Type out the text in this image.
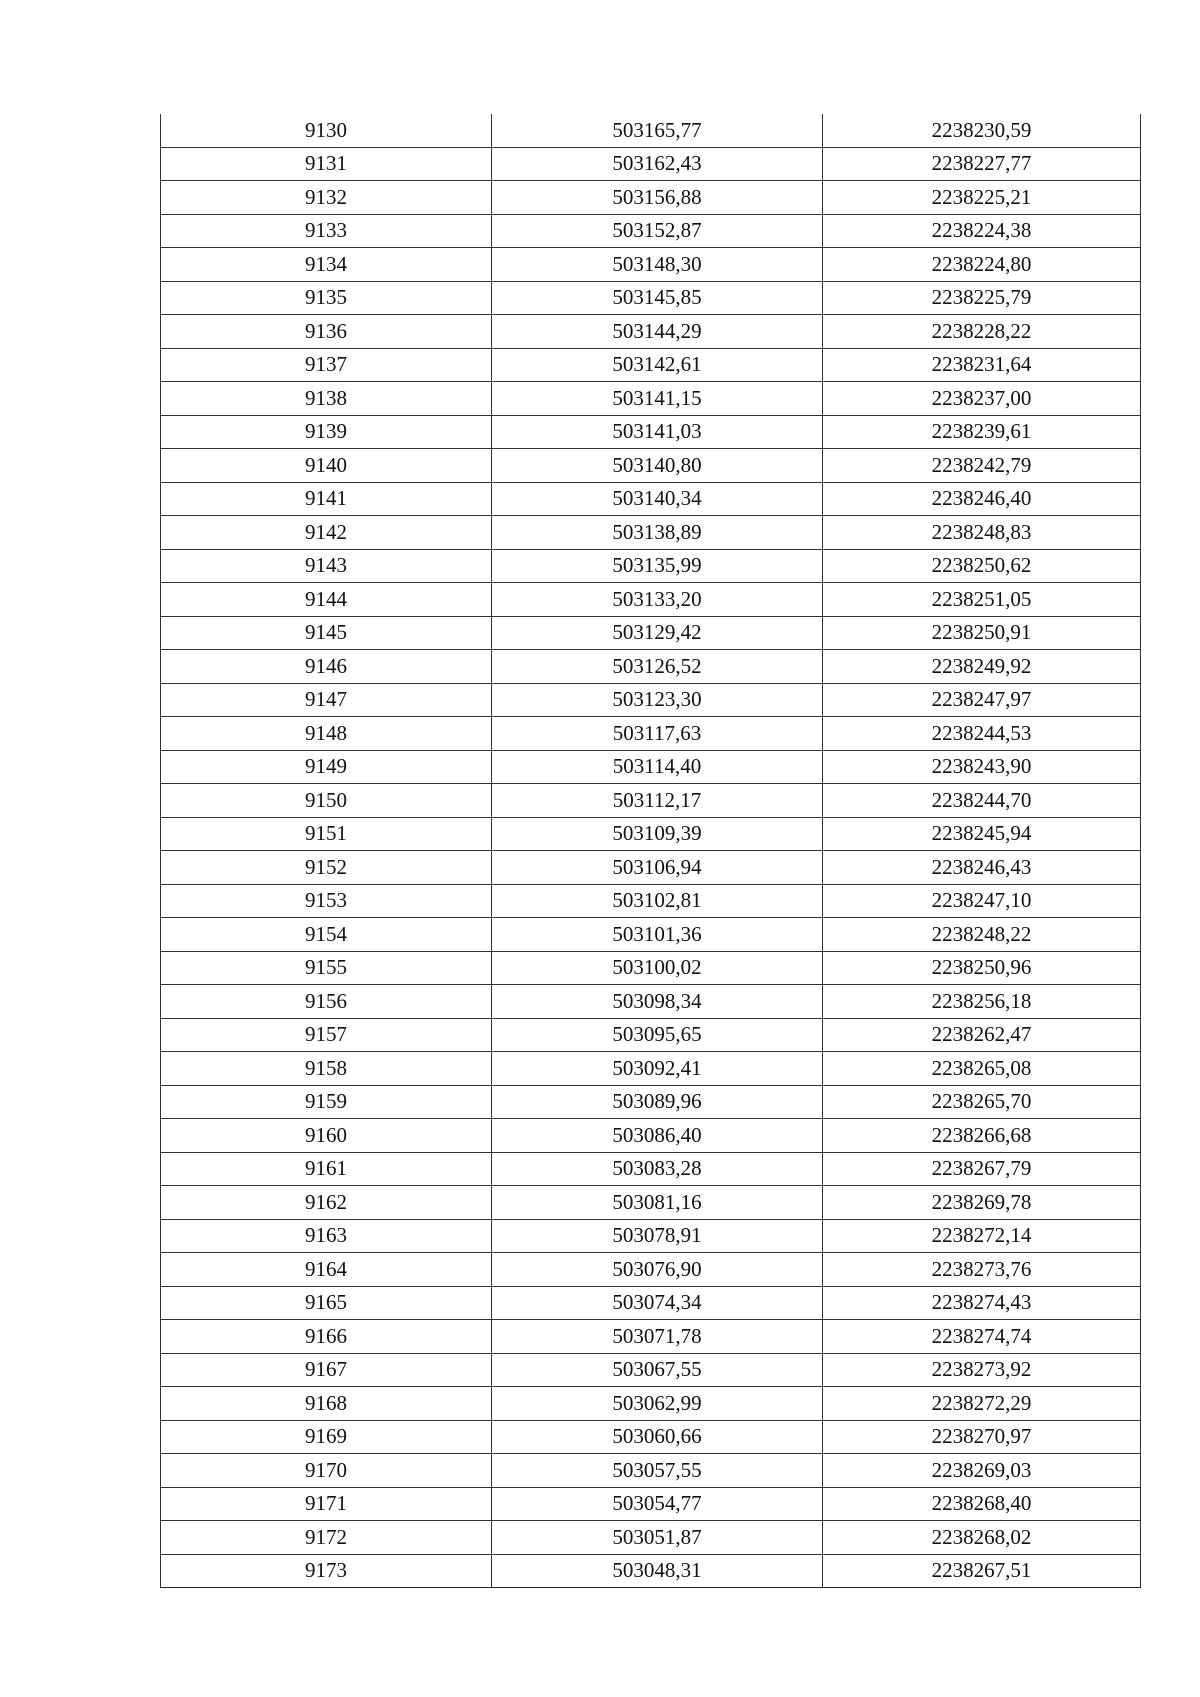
9130	503165,77	2238230,59
9131	503162,43	2238227,77
9132	503156,88	2238225,21
9133	503152,87	2238224,38
9134	503148,30	2238224,80
9135	503145,85	2238225,79
9136	503144,29	2238228,22
9137	503142,61	2238231,64
9138	503141,15	2238237,00
9139	503141,03	2238239,61
9140	503140,80	2238242,79
9141	503140,34	2238246,40
9142	503138,89	2238248,83
9143	503135,99	2238250,62
9144	503133,20	2238251,05
9145	503129,42	2238250,91
9146	503126,52	2238249,92
9147	503123,30	2238247,97
9148	503117,63	2238244,53
9149	503114,40	2238243,90
9150	503112,17	2238244,70
9151	503109,39	2238245,94
9152	503106,94	2238246,43
9153	503102,81	2238247,10
9154	503101,36	2238248,22
9155	503100,02	2238250,96
9156	503098,34	2238256,18
9157	503095,65	2238262,47
9158	503092,41	2238265,08
9159	503089,96	2238265,70
9160	503086,40	2238266,68
9161	503083,28	2238267,79
9162	503081,16	2238269,78
9163	503078,91	2238272,14
9164	503076,90	2238273,76
9165	503074,34	2238274,43
9166	503071,78	2238274,74
9167	503067,55	2238273,92
9168	503062,99	2238272,29
9169	503060,66	2238270,97
9170	503057,55	2238269,03
9171	503054,77	2238268,40
9172	503051,87	2238268,02
9173	503048,31	2238267,51
